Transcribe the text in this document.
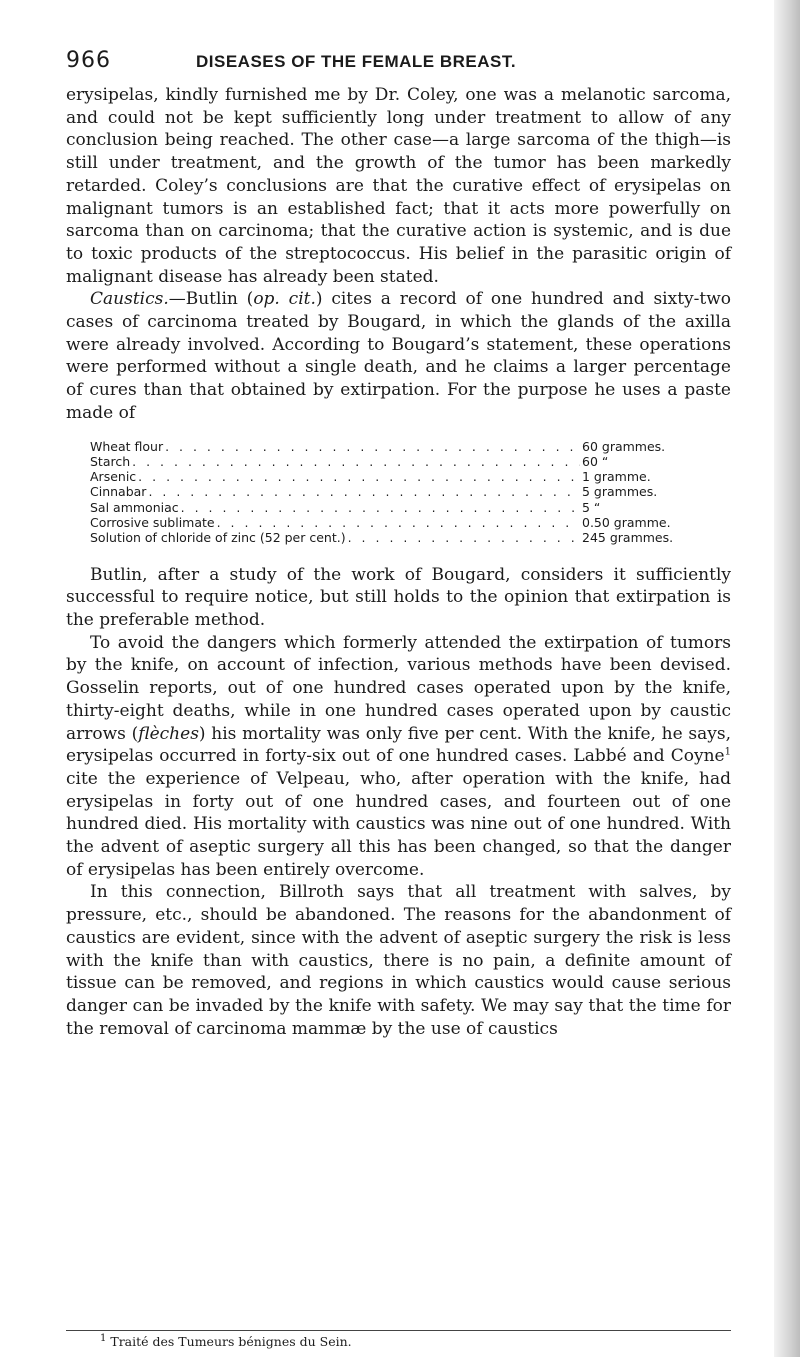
966	DISEASES OF THE FEMALE BREAST.

erysipelas, kindly furnished me by Dr. Coley, one was a melanotic sarcoma, and could not be kept sufficiently long under treatment to allow of any conclusion being reached. The other case—a large sarcoma of the thigh—is still under treatment, and the growth of the tumor has been markedly retarded. Coley’s conclusions are that the curative effect of erysipelas on malignant tumors is an established fact; that it acts more powerfully on sarcoma than on carcinoma; that the curative action is systemic, and is due to toxic products of the streptococcus. His belief in the parasitic origin of malignant disease has already been stated.

Caustics.—Butlin (op. cit.) cites a record of one hundred and sixty-two cases of carcinoma treated by Bougard, in which the glands of the axilla were already involved. According to Bougard’s statement, these operations were performed without a single death, and he claims a larger percentage of cures than that obtained by extirpation. For the purpose he uses a paste made of

Wheat flour . . .	60 grammes.
Starch . . .	60 “
Arsenic . . .	1 gramme.
Cinnabar . . .	5 grammes.
Sal ammoniac . . .	5 “
Corrosive sublimate . . .	0.50 gramme.
Solution of chloride of zinc (52 per cent.) . . .	245 grammes.

Butlin, after a study of the work of Bougard, considers it sufficiently successful to require notice, but still holds to the opinion that extirpation is the preferable method.

To avoid the dangers which formerly attended the extirpation of tumors by the knife, on account of infection, various methods have been devised. Gosselin reports, out of one hundred cases operated upon by the knife, thirty-eight deaths, while in one hundred cases operated upon by caustic arrows (flèches) his mortality was only five per cent. With the knife, he says, erysipelas occurred in forty-six out of one hundred cases. Labbé and Coyne$^1$ cite the experience of Velpeau, who, after operation with the knife, had erysipelas in forty out of one hundred cases, and fourteen out of one hundred died. His mortality with caustics was nine out of one hundred. With the advent of aseptic surgery all this has been changed, so that the danger of erysipelas has been entirely overcome.

In this connection, Billroth says that all treatment with salves, by pressure, etc., should be abandoned. The reasons for the abandonment of caustics are evident, since with the advent of aseptic surgery the risk is less with the knife than with caustics, there is no pain, a definite amount of tissue can be removed, and regions in which caustics would cause serious danger can be invaded by the knife with safety. We may say that the time for the removal of carcinoma mammæ by the use of caustics

$^1$ Traité des Tumeurs bénignes du Sein.
